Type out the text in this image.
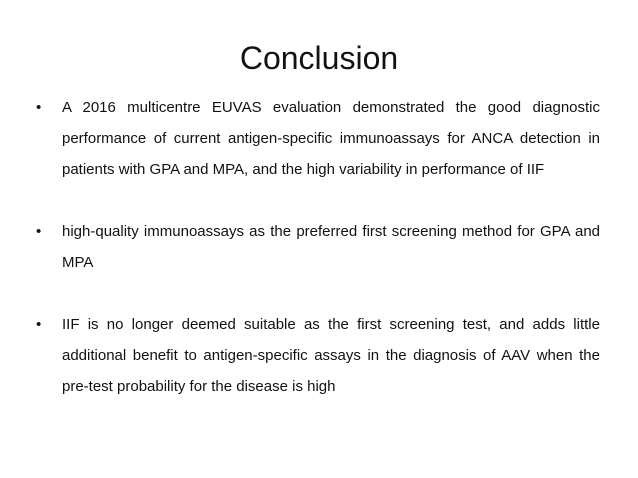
Conclusion
• A 2016 multicentre EUVAS evaluation demonstrated the good diagnostic performance of current antigen-specific immunoassays for ANCA detection in patients with GPA and MPA, and the high variability in performance of IIF
• high-quality immunoassays as the preferred first screening method for GPA and MPA
• IIF is no longer deemed suitable as the first screening test, and adds little additional benefit to antigen-specific assays in the diagnosis of AAV when the pre-test probability for the disease is high
